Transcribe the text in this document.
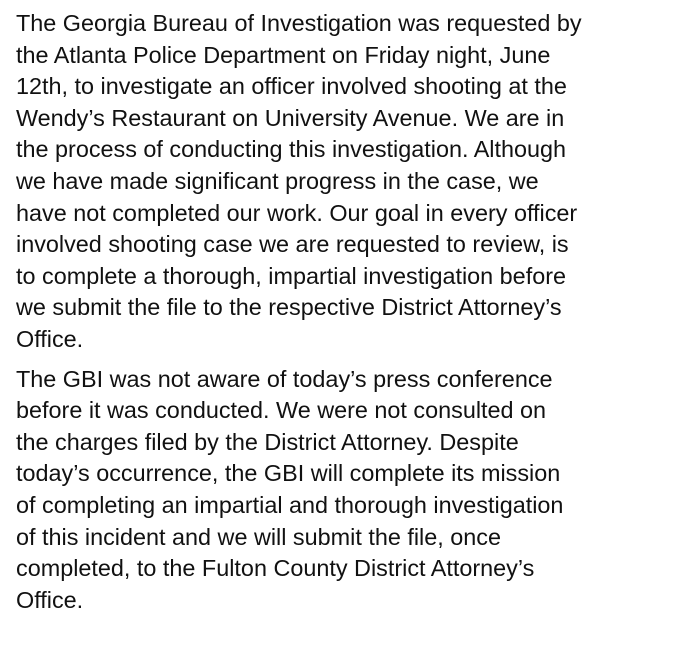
The Georgia Bureau of Investigation was requested by
the Atlanta Police Department on Friday night, June
12th, to investigate an officer involved shooting at the
Wendy’s Restaurant on University Avenue. We are in
the process of conducting this investigation. Although
we have made significant progress in the case, we
have not completed our work. Our goal in every officer
involved shooting case we are requested to review, is
to complete a thorough, impartial investigation before
we submit the file to the respective District Attorney’s
Office.

The GBI was not aware of today’s press conference
before it was conducted. We were not consulted on
the charges filed by the District Attorney. Despite
today’s occurrence, the GBI will complete its mission
of completing an impartial and thorough investigation
of this incident and we will submit the file, once
completed, to the Fulton County District Attorney’s
Office.
